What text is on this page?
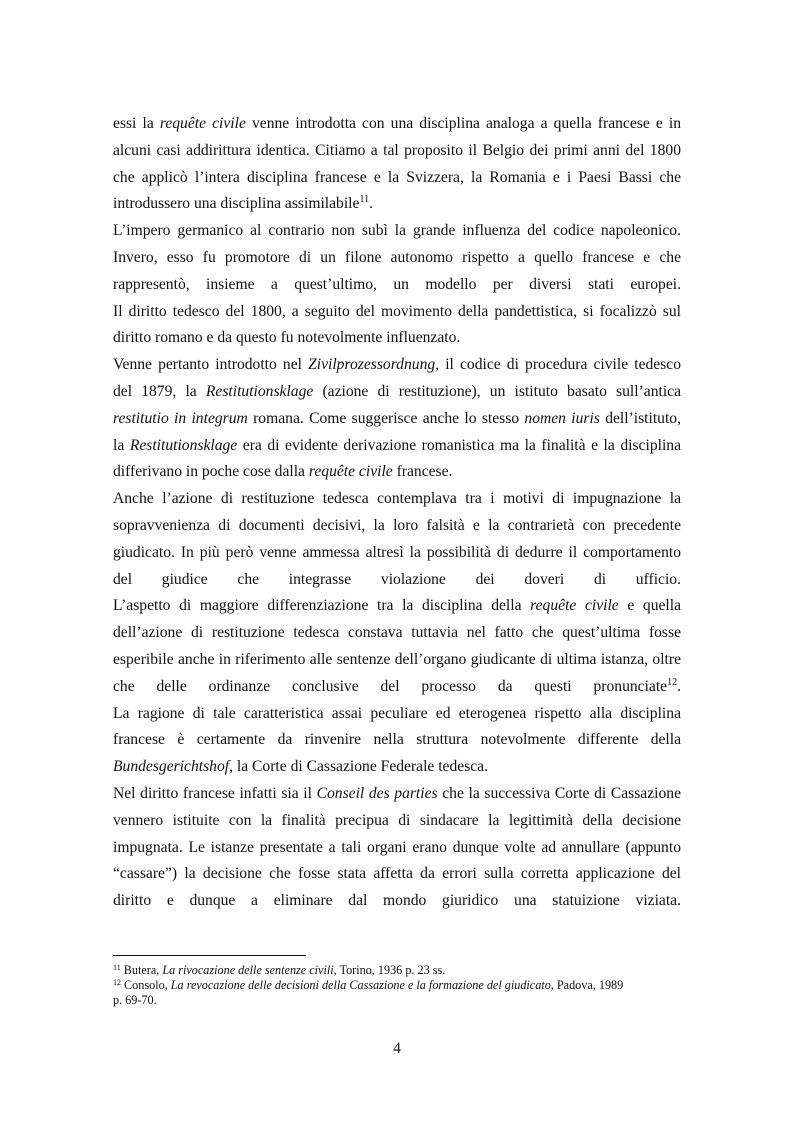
essi la requête civile venne introdotta con una disciplina analoga a quella francese e in
alcuni casi addirittura identica. Citiamo a tal proposito il Belgio dei primi anni del 1800
che applicò l’intera disciplina francese e la Svizzera, la Romania e i Paesi Bassi che
introdussero una disciplina assimilabile$^{11}$.
L’impero germanico al contrario non subì la grande influenza del codice napoleonico.
Invero, esso fu promotore di un filone autonomo rispetto a quello francese e che
rappresentò, insieme a quest’ultimo, un modello per diversi stati europei.
Il diritto tedesco del 1800, a seguito del movimento della pandettistica, si focalizzò sul
diritto romano e da questo fu notevolmente influenzato.
Venne pertanto introdotto nel Zivilprozessordnung, il codice di procedura civile tedesco
del 1879, la Restitutionsklage (azione di restituzione), un istituto basato sull’antica
restitutio in integrum romana. Come suggerisce anche lo stesso nomen iuris dell’istituto,
la Restitutionsklage era di evidente derivazione romanistica ma la finalità e la disciplina
differivano in poche cose dalla requête civile francese.
Anche l’azione di restituzione tedesca contemplava tra i motivi di impugnazione la
sopravvenienza di documenti decisivi, la loro falsità e la contrarietà con precedente
giudicato. In più però venne ammessa altresì la possibilità di dedurre il comportamento
del giudice che integrasse violazione dei doveri di ufficio.
L’aspetto di maggiore differenziazione tra la disciplina della requête civile e quella
dell’azione di restituzione tedesca constava tuttavia nel fatto che quest’ultima fosse
esperibile anche in riferimento alle sentenze dell’organo giudicante di ultima istanza, oltre
che delle ordinanze conclusive del processo da questi pronunciate$^{12}$.
La ragione di tale caratteristica assai peculiare ed eterogenea rispetto alla disciplina
francese è certamente da rinvenire nella struttura notevolmente differente della
Bundesgerichtshof, la Corte di Cassazione Federale tedesca.
Nel diritto francese infatti sia il Conseil des parties che la successiva Corte di Cassazione
vennero istituite con la finalità precipua di sindacare la legittimità della decisione
impugnata. Le istanze presentate a tali organi erano dunque volte ad annullare (appunto
“cassare”) la decisione che fosse stata affetta da errori sulla corretta applicazione del
diritto e dunque a eliminare dal mondo giuridico una statuizione viziata.
$^{11}$ Butera, La rivocazione delle sentenze civili, Torino, 1936 p. 23 ss.
$^{12}$ Consolo, La revocazione delle decisioni della Cassazione e la formazione del giudicato, Padova, 1989
p. 69-70.
4
